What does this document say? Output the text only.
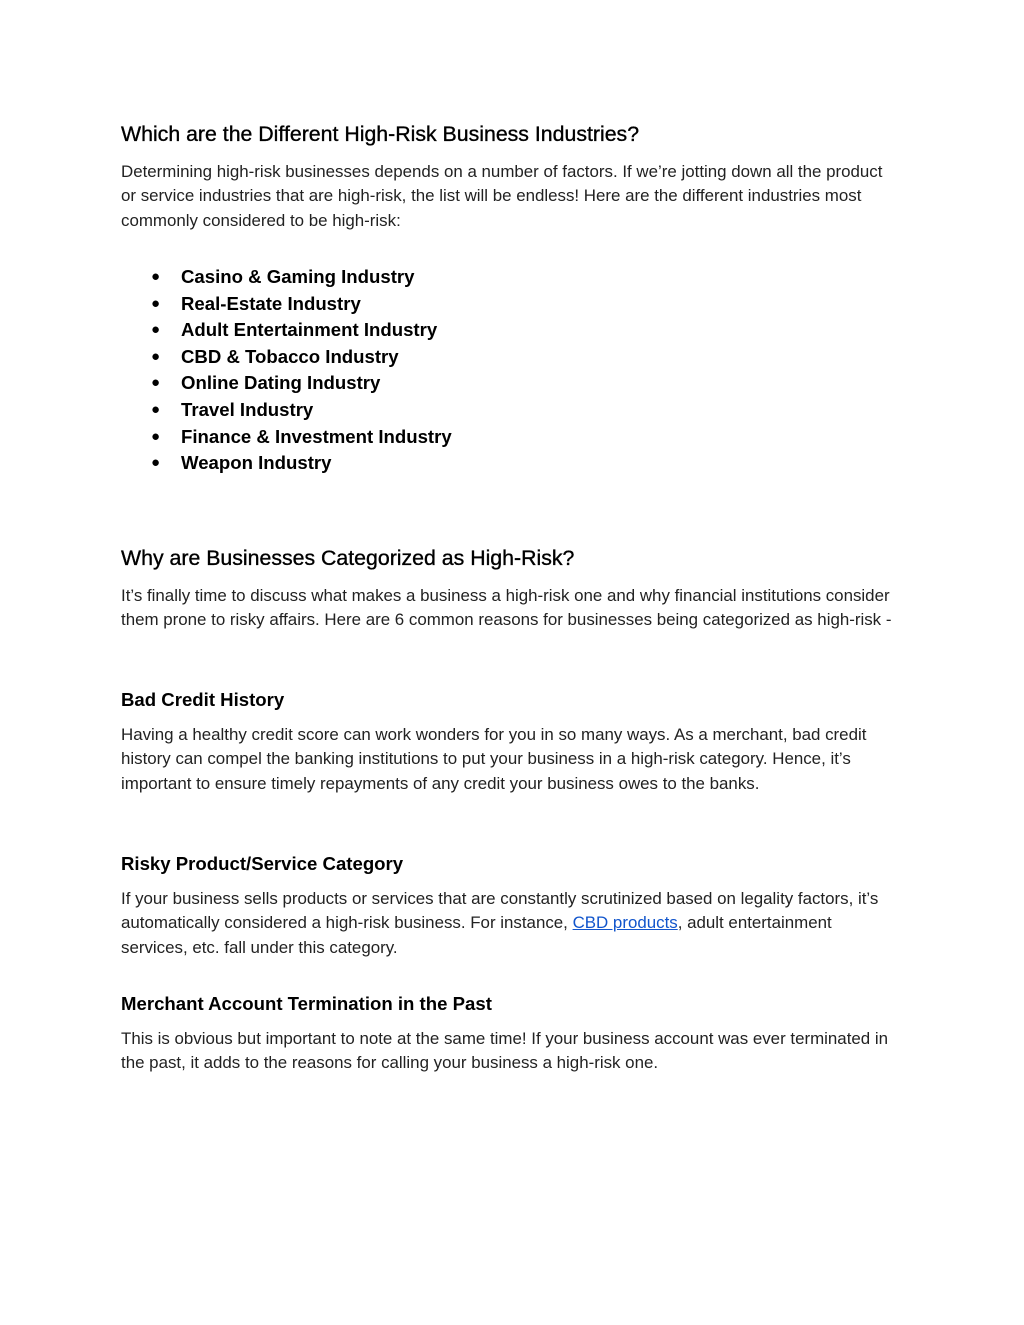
Which are the Different High-Risk Business Industries?

Determining high-risk businesses depends on a number of factors. If we’re jotting down all the product or service industries that are high-risk, the list will be endless! Here are the different industries most commonly considered to be high-risk:

● Casino & Gaming Industry
● Real-Estate Industry
● Adult Entertainment Industry
● CBD & Tobacco Industry
● Online Dating Industry
● Travel Industry
● Finance & Investment Industry
● Weapon Industry
Why are Businesses Categorized as High-Risk?

It’s finally time to discuss what makes a business a high-risk one and why financial institutions consider them prone to risky affairs. Here are 6 common reasons for businesses being categorized as high-risk -

Bad Credit History

Having a healthy credit score can work wonders for you in so many ways. As a merchant, bad credit history can compel the banking institutions to put your business in a high-risk category. Hence, it’s important to ensure timely repayments of any credit your business owes to the banks.

Risky Product/Service Category

If your business sells products or services that are constantly scrutinized based on legality factors, it’s automatically considered a high-risk business. For instance, CBD products, adult entertainment services, etc. fall under this category.

Merchant Account Termination in the Past

This is obvious but important to note at the same time! If your business account was ever terminated in the past, it adds to the reasons for calling your business a high-risk one.
